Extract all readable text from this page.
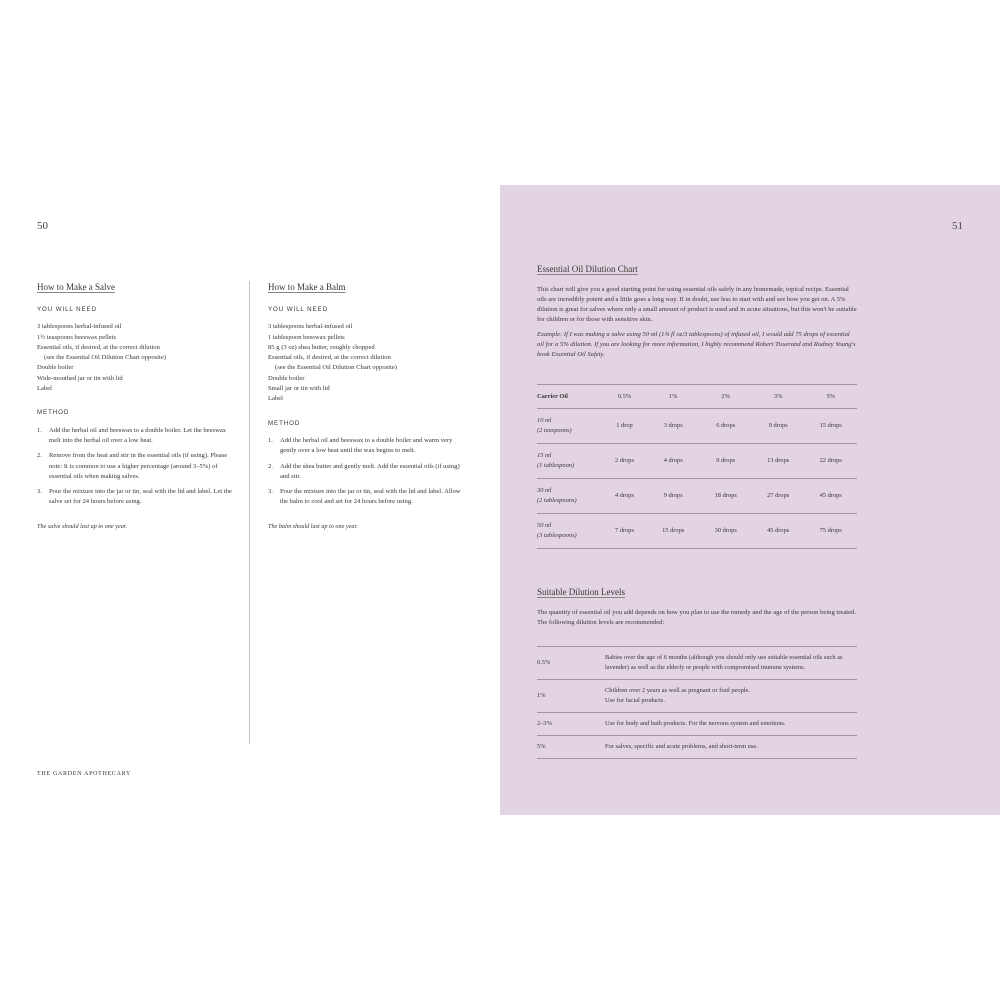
50
How to Make a Salve
YOU WILL NEED
3 tablespoons herbal-infused oil
1½ teaspoons beeswax pellets
Essential oils, if desired, at the correct dilution
(see the Essential Oil Dilution Chart opposite)
Double boiler
Wide-mouthed jar or tin with lid
Label
METHOD
1. Add the herbal oil and beeswax to a double boiler. Let the beeswax melt into the herbal oil over a low heat.
2. Remove from the heat and stir in the essential oils (if using). Please note: It is common to use a higher percentage (around 3–5%) of essential oils when making salves.
3. Pour the mixture into the jar or tin, seal with the lid and label. Let the salve set for 24 hours before using.
The salve should last up to one year.
How to Make a Balm
YOU WILL NEED
3 tablespoons herbal-infused oil
1 tablespoon beeswax pellets
85 g (3 oz) shea butter, roughly chopped
Essential oils, if desired, at the correct dilution
(see the Essential Oil Dilution Chart opposite)
Double boiler
Small jar or tin with lid
Label
METHOD
1. Add the herbal oil and beeswax to a double boiler and warm very gently over a low heat until the wax begins to melt.
2. Add the shea butter and gently melt. Add the essential oils (if using) and stir.
3. Pour the mixture into the jar or tin, seal with the lid and label. Allow the balm to cool and set for 24 hours before using.
The balm should last up to one year.
THE GARDEN APOTHECARY
51
Essential Oil Dilution Chart

This chart will give you a good starting point for using essential oils safely in any homemade, topical recipe. Essential oils are incredibly potent and a little goes a long way. If in doubt, use less to start with and see how you get on. A 5% dilution is great for salves where only a small amount of product is used and in acute situations, but this won't be suitable for children or for those with sensitive skin.

Example: If I was making a salve using 50 ml (1¾ fl oz/3 tablespoons) of infused oil, I would add 75 drops of essential oil for a 5% dilution. If you are looking for more information, I highly recommend Robert Tisserand and Rodney Young's book Essential Oil Safety.

Carrier Oil	0.5%	1%	2%	3%	5%

10 ml
(2 teaspoons)	1 drop	3 drops	6 drops	9 drops	15 drops

15 ml
(1 tablespoon)	2 drops	4 drops	9 drops	13 drops	22 drops

30 ml
(2 tablespoons)	4 drops	9 drops	18 drops	27 drops	45 drops

50 ml
(3 tablespoons)	7 drops	15 drops	30 drops	45 drops	75 drops
Suitable Dilution Levels

The quantity of essential oil you add depends on how you plan to use the remedy and the age of the person being treated. The following dilution levels are recommended:

0.5%	Babies over the age of 6 months (although you should only use suitable essential oils such as lavender) as well as the elderly or people with compromised immune systems.

1%	Children over 2 years as well as pregnant or frail people.
Use for facial products.

2–3%	Use for body and bath products. For the nervous system and emotions.

5%	For salves, specific and acute problems, and short-term use.
